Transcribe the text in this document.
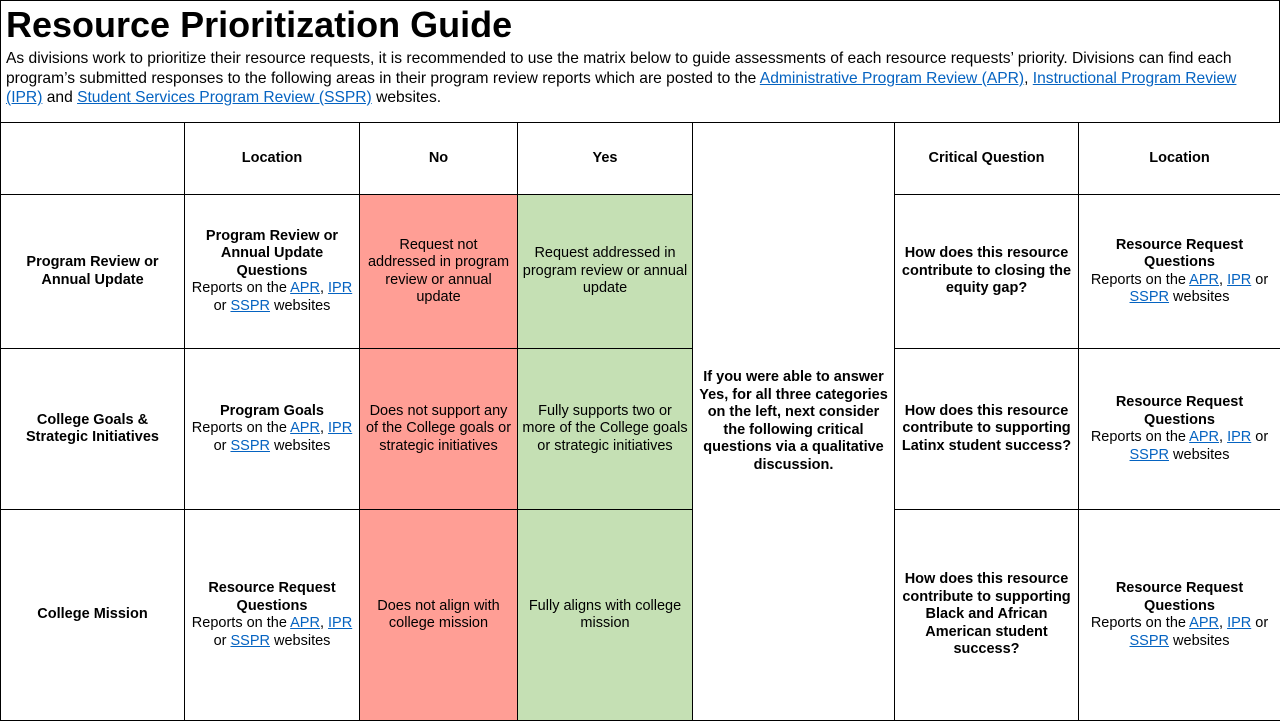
Resource Prioritization Guide

As divisions work to prioritize their resource requests, it is recommended to use the matrix below to guide assessments of each resource requests’ priority. Divisions can find each program’s submitted responses to the following areas in their program review reports which are posted to the Administrative Program Review (APR), Instructional Program Review (IPR) and Student Services Program Review (SSPR) websites.

	Location	No	Yes	If you were able to answer Yes, for all three categories on the left, next consider the following critical questions via a qualitative discussion.	Critical Question	Location
Program Review or Annual Update	Program Review or Annual Update Questions
Reports on the APR, IPR
or SSPR websites	Request not addressed in program review or annual update	Request addressed in program review or annual update		How does this resource contribute to closing the equity gap?	Resource Request Questions
Reports on the APR, IPR or
SSPR websites
College Goals & Strategic Initiatives	Program Goals
Reports on the APR, IPR
or SSPR websites	Does not support any of the College goals or strategic initiatives	Fully supports two or more of the College goals or strategic initiatives		How does this resource contribute to supporting Latinx student success?	Resource Request Questions
Reports on the APR, IPR or
SSPR websites
College Mission	Resource Request Questions
Reports on the APR, IPR
or SSPR websites	Does not align with college mission	Fully aligns with college mission		How does this resource contribute to supporting Black and African American student success?	Resource Request Questions
Reports on the APR, IPR or
SSPR websites
